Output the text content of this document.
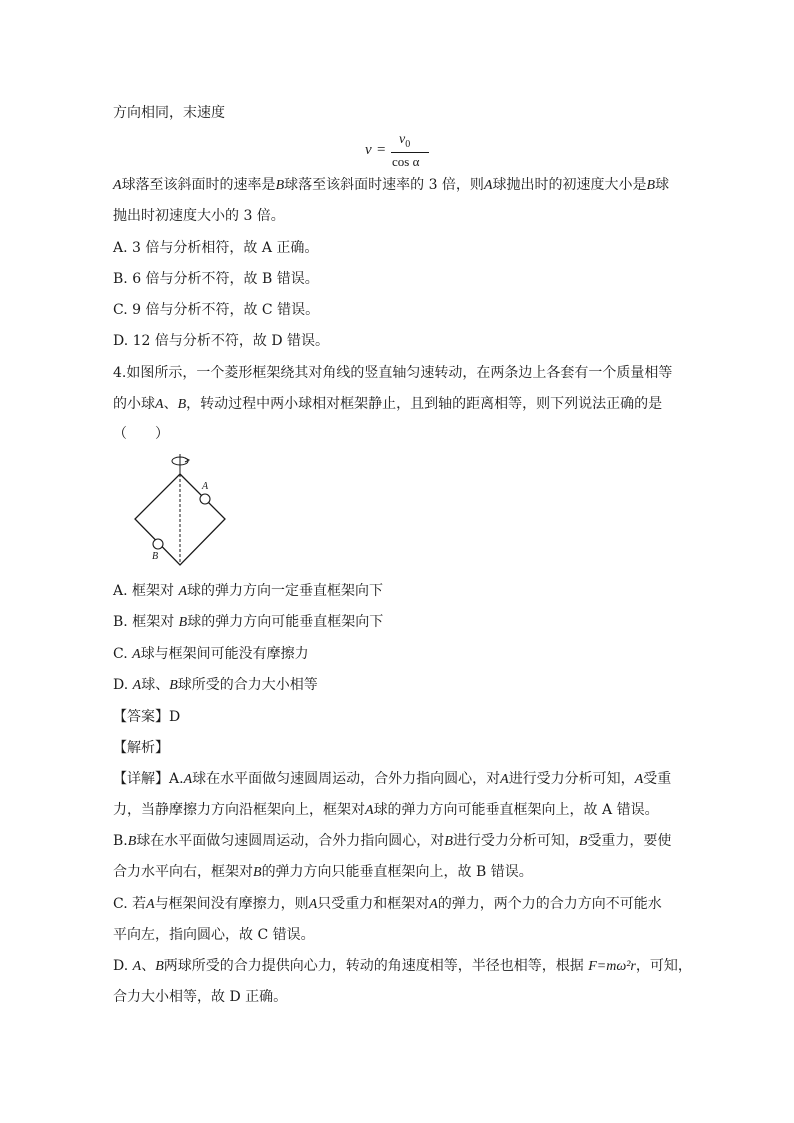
方向相同，末速度
v =
$v_0$
cos α
A球落至该斜面时的速率是B球落至该斜面时速率的 3 倍，则A球抛出时的初速度大小是B球
抛出时初速度大小的 3 倍。
A. 3 倍与分析相符，故 A 正确。
B. 6 倍与分析不符，故 B 错误。
C. 9 倍与分析不符，故 C 错误。
D. 12 倍与分析不符，故 D 错误。
4.如图所示，一个菱形框架绕其对角线的竖直轴匀速转动，在两条边上各套有一个质量相等
的小球A、B，转动过程中两小球相对框架静止，且到轴的距离相等，则下列说法正确的是
（　　）
A
B
A. 框架对 A球的弹力方向一定垂直框架向下
B. 框架对 B球的弹力方向可能垂直框架向下
C. A球与框架间可能没有摩擦力
D. A球、B球所受的合力大小相等
【答案】D
【解析】
【详解】A.A球在水平面做匀速圆周运动，合外力指向圆心，对A进行受力分析可知，A受重
力，当静摩擦力方向沿框架向上，框架对A球的弹力方向可能垂直框架向上，故 A 错误。
B.B球在水平面做匀速圆周运动，合外力指向圆心，对B进行受力分析可知，B受重力，要使
合力水平向右，框架对B的弹力方向只能垂直框架向上，故 B 错误。
C. 若A与框架间没有摩擦力，则A只受重力和框架对A的弹力，两个力的合力方向不可能水
平向左，指向圆心，故 C 错误。
D. A、B两球所受的合力提供向心力，转动的角速度相等，半径也相等，根据 F=mω²r，可知，
合力大小相等，故 D 正确。
